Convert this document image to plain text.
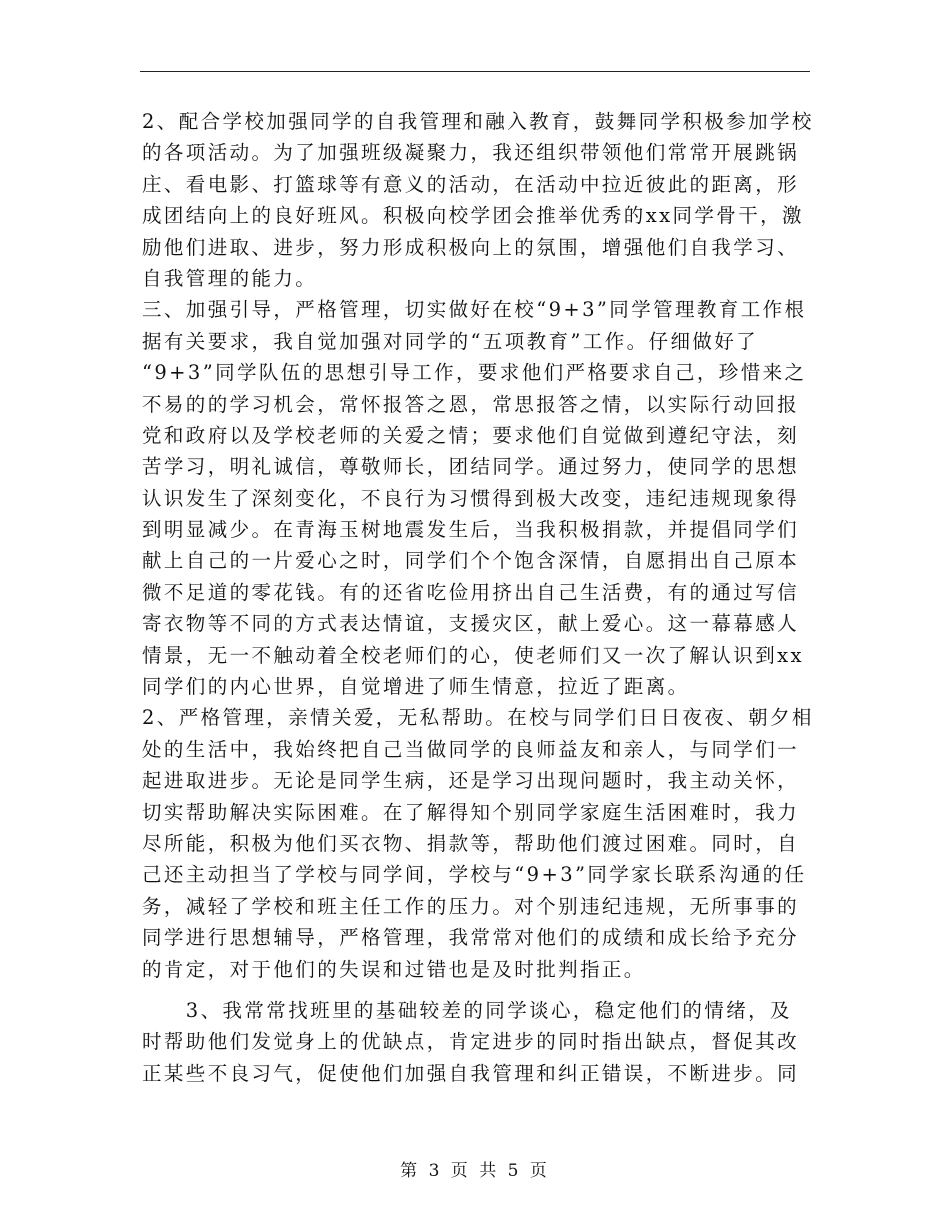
2、配合学校加强同学的自我管理和融入教育，鼓舞同学积极参加学校
的各项活动。为了加强班级凝聚力，我还组织带领他们常常开展跳锅
庄、看电影、打篮球等有意义的活动，在活动中拉近彼此的距离，形
成团结向上的良好班风。积极向校学团会推举优秀的xx同学骨干，激
励他们进取、进步，努力形成积极向上的氛围，增强他们自我学习、
自我管理的能力。
三、加强引导，严格管理，切实做好在校“9+3”同学管理教育工作根
据有关要求，我自觉加强对同学的“五项教育”工作。仔细做好了
“9+3”同学队伍的思想引导工作，要求他们严格要求自己，珍惜来之
不易的的学习机会，常怀报答之恩，常思报答之情，以实际行动回报
党和政府以及学校老师的关爱之情；要求他们自觉做到遵纪守法，刻
苦学习，明礼诚信，尊敬师长，团结同学。通过努力，使同学的思想
认识发生了深刻变化，不良行为习惯得到极大改变，违纪违规现象得
到明显减少。在青海玉树地震发生后，当我积极捐款，并提倡同学们
献上自己的一片爱心之时，同学们个个饱含深情，自愿捐出自己原本
微不足道的零花钱。有的还省吃俭用挤出自己生活费，有的通过写信
寄衣物等不同的方式表达情谊，支援灾区，献上爱心。这一幕幕感人
情景，无一不触动着全校老师们的心，使老师们又一次了解认识到xx
同学们的内心世界，自觉增进了师生情意，拉近了距离。
2、严格管理，亲情关爱，无私帮助。在校与同学们日日夜夜、朝夕相
处的生活中，我始终把自己当做同学的良师益友和亲人，与同学们一
起进取进步。无论是同学生病，还是学习出现问题时，我主动关怀，
切实帮助解决实际困难。在了解得知个别同学家庭生活困难时，我力
尽所能，积极为他们买衣物、捐款等，帮助他们渡过困难。同时，自
己还主动担当了学校与同学间，学校与“9+3”同学家长联系沟通的任
务，减轻了学校和班主任工作的压力。对个别违纪违规，无所事事的
同学进行思想辅导，严格管理，我常常对他们的成绩和成长给予充分
的肯定，对于他们的失误和过错也是及时批判指正。
　　3、我常常找班里的基础较差的同学谈心，稳定他们的情绪，及
时帮助他们发觉身上的优缺点，肯定进步的同时指出缺点，督促其改
正某些不良习气，促使他们加强自我管理和纠正错误，不断进步。同
第 3 页 共 5 页
